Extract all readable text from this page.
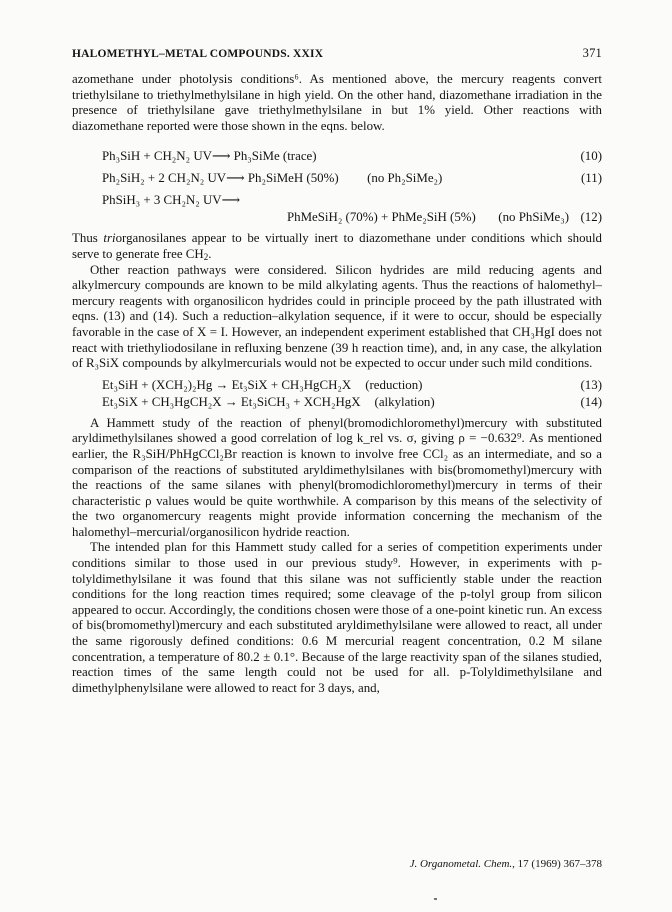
HALOMETHYL–METAL COMPOUNDS. XXIX	371

azomethane under photolysis conditions⁶. As mentioned above, the mercury reagents convert triethylsilane to triethylmethylsilane in high yield. On the other hand, diazomethane irradiation in the presence of triethylsilane gave triethylmethylsilane in but 1% yield. Other reactions with diazomethane reported were those shown in the eqns. below.

Ph₃SiH + CH₂N₂ UV⟶ Ph₃SiMe (trace)	(10)
Ph₂SiH₂ + 2 CH₂N₂ UV⟶ Ph₂SiMeH (50%) (no Ph₂SiMe₂)	(11)
PhSiH₃ + 3 CH₂N₂ UV⟶
PhMeSiH₂ (70%) + PhMe₂SiH (5%) (no PhSiMe₃) (12)

Thus triorganosilanes appear to be virtually inert to diazomethane under conditions which should serve to generate free $CH_2$.

Other reaction pathways were considered. Silicon hydrides are mild reducing agents and alkylmercury compounds are known to be mild alkylating agents. Thus the reactions of halomethyl–mercury reagents with organosilicon hydrides could in principle proceed by the path illustrated with eqns. (13) and (14). Such a reduction–alkylation sequence, if it were to occur, should be especially favorable in the case of X = I. However, an independent experiment established that CH₃HgI does not react with triethyliodosilane in refluxing benzene (39 h reaction time), and, in any case, the alkylation of R₃SiX compounds by alkylmercurials would not be expected to occur under such mild conditions.

Et₃SiH + (XCH₂)₂Hg → Et₃SiX + CH₃HgCH₂X (reduction)	(13)
Et₃SiX + CH₃HgCH₂X → Et₃SiCH₃ + XCH₂HgX (alkylation)	(14)

A Hammett study of the reaction of phenyl(bromodichloromethyl)mercury with substituted aryldimethylsilanes showed a good correlation of log k_rel vs. σ, giving ρ = −0.632⁹. As mentioned earlier, the R₃SiH/PhHgCCl₂Br reaction is known to involve free CCl₂ as an intermediate, and so a comparison of the reactions of substituted aryldimethylsilanes with bis(bromomethyl)mercury with the reactions of the same silanes with phenyl(bromodichloromethyl)mercury in terms of their characteristic ρ values would be quite worthwhile. A comparison by this means of the selectivity of the two organomercury reagents might provide information concerning the mechanism of the halomethyl–mercurial/organosilicon hydride reaction.

The intended plan for this Hammett study called for a series of competition experiments under conditions similar to those used in our previous study⁹. However, in experiments with p-tolyldimethylsilane it was found that this silane was not sufficiently stable under the reaction conditions for the long reaction times required; some cleavage of the p-tolyl group from silicon appeared to occur. Accordingly, the conditions chosen were those of a one-point kinetic run. An excess of bis(bromomethyl)mercury and each substituted aryldimethylsilane were allowed to react, all under the same rigorously defined conditions: 0.6 M mercurial reagent concentration, 0.2 M silane concentration, a temperature of 80.2 ± 0.1°. Because of the large reactivity span of the silanes studied, reaction times of the same length could not be used for all. p-Tolyldimethylsilane and dimethylphenylsilane were allowed to react for 3 days, and,

J. Organometal. Chem., 17 (1969) 367–378
